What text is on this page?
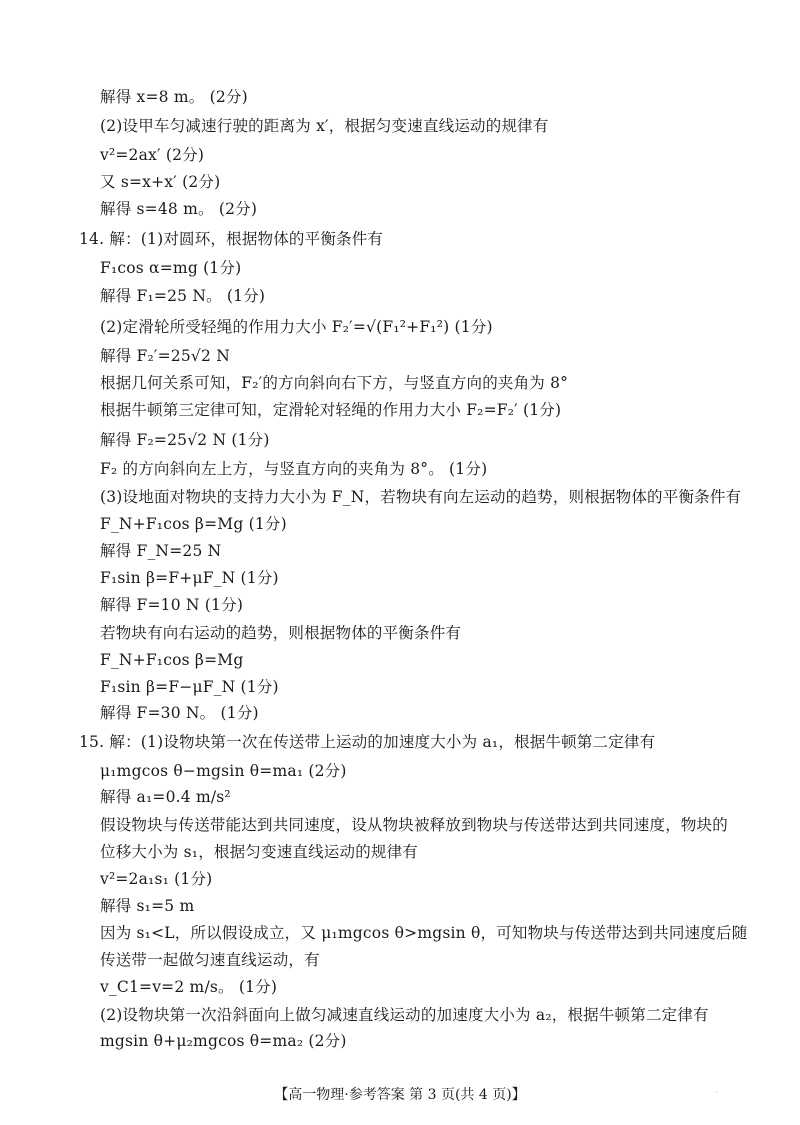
解得 x=8 m。 (2分)
(2)设甲车匀减速行驶的距离为 x′，根据匀变速直线运动的规律有
v²=2ax′ (2分)
又 s=x+x′ (2分)
解得 s=48 m。 (2分)
14. 解：(1)对圆环，根据物体的平衡条件有
F₁cos α=mg (1分)
解得 F₁=25 N。 (1分)
(2)定滑轮所受轻绳的作用力大小 F₂′=√(F₁²+F₁²) (1分)
解得 F₂′=25√2 N
根据几何关系可知，F₂′的方向斜向右下方，与竖直方向的夹角为 8°
根据牛顿第三定律可知，定滑轮对轻绳的作用力大小 F₂=F₂′ (1分)
解得 F₂=25√2 N (1分)
F₂ 的方向斜向左上方，与竖直方向的夹角为 8°。 (1分)
(3)设地面对物块的支持力大小为 F_N，若物块有向左运动的趋势，则根据物体的平衡条件有
F_N+F₁cos β=Mg (1分)
解得 F_N=25 N
F₁sin β=F+μF_N (1分)
解得 F=10 N (1分)
若物块有向右运动的趋势，则根据物体的平衡条件有
F_N+F₁cos β=Mg
F₁sin β=F−μF_N (1分)
解得 F=30 N。 (1分)
15. 解：(1)设物块第一次在传送带上运动的加速度大小为 a₁，根据牛顿第二定律有
μ₁mgcos θ−mgsin θ=ma₁ (2分)
解得 a₁=0.4 m/s²
假设物块与传送带能达到共同速度，设从物块被释放到物块与传送带达到共同速度，物块的
位移大小为 s₁，根据匀变速直线运动的规律有
v²=2a₁s₁ (1分)
解得 s₁=5 m
因为 s₁<L，所以假设成立，又 μ₁mgcos θ>mgsin θ，可知物块与传送带达到共同速度后随
传送带一起做匀速直线运动，有
v_C1=v=2 m/s。 (1分)
(2)设物块第一次沿斜面向上做匀减速直线运动的加速度大小为 a₂，根据牛顿第二定律有
mgsin θ+μ₂mgcos θ=ma₂ (2分)
【高一物理·参考答案 第 3 页(共 4 页)】	·
